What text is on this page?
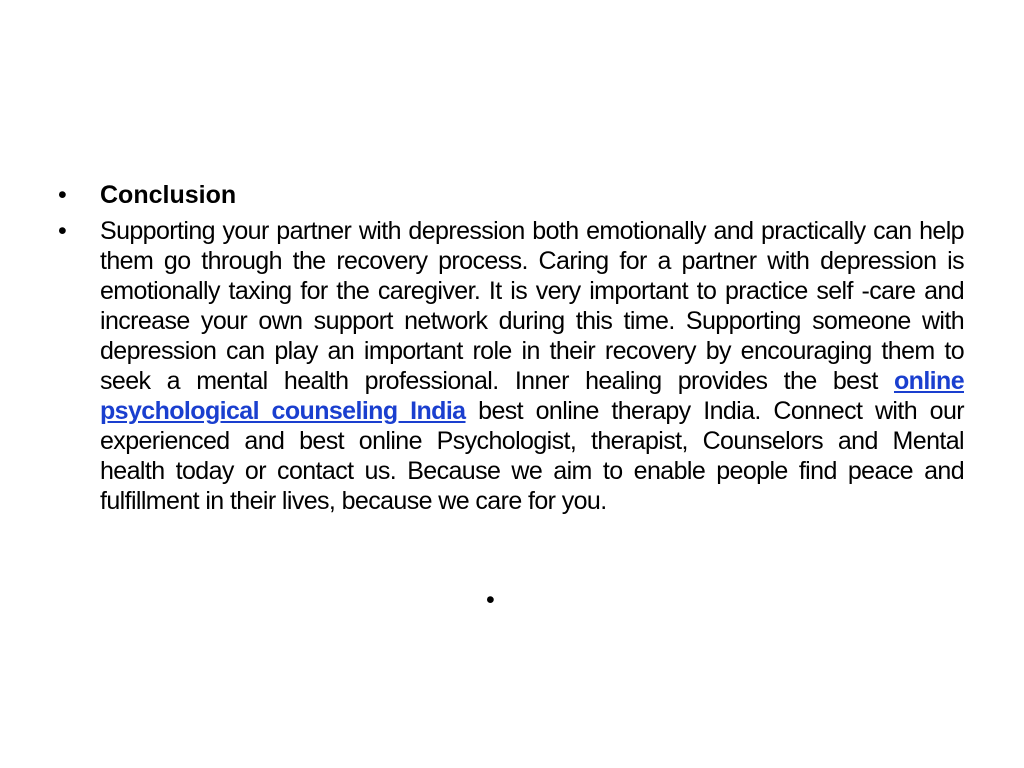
•	Conclusion
•	Supporting your partner with depression both emotionally and practically can help them go through the recovery process. Caring for a partner with depression is emotionally taxing for the caregiver. It is very important to practice self -care and increase your own support network during this time. Supporting someone with depression can play an important role in their recovery by encouraging them to seek a mental health professional. Inner healing provides the best online psychological counseling India best online therapy India. Connect with our experienced and best online Psychologist, therapist, Counselors and Mental health today or contact us. Because we aim to enable people find peace and fulfillment in their lives, because we care for you.
•
